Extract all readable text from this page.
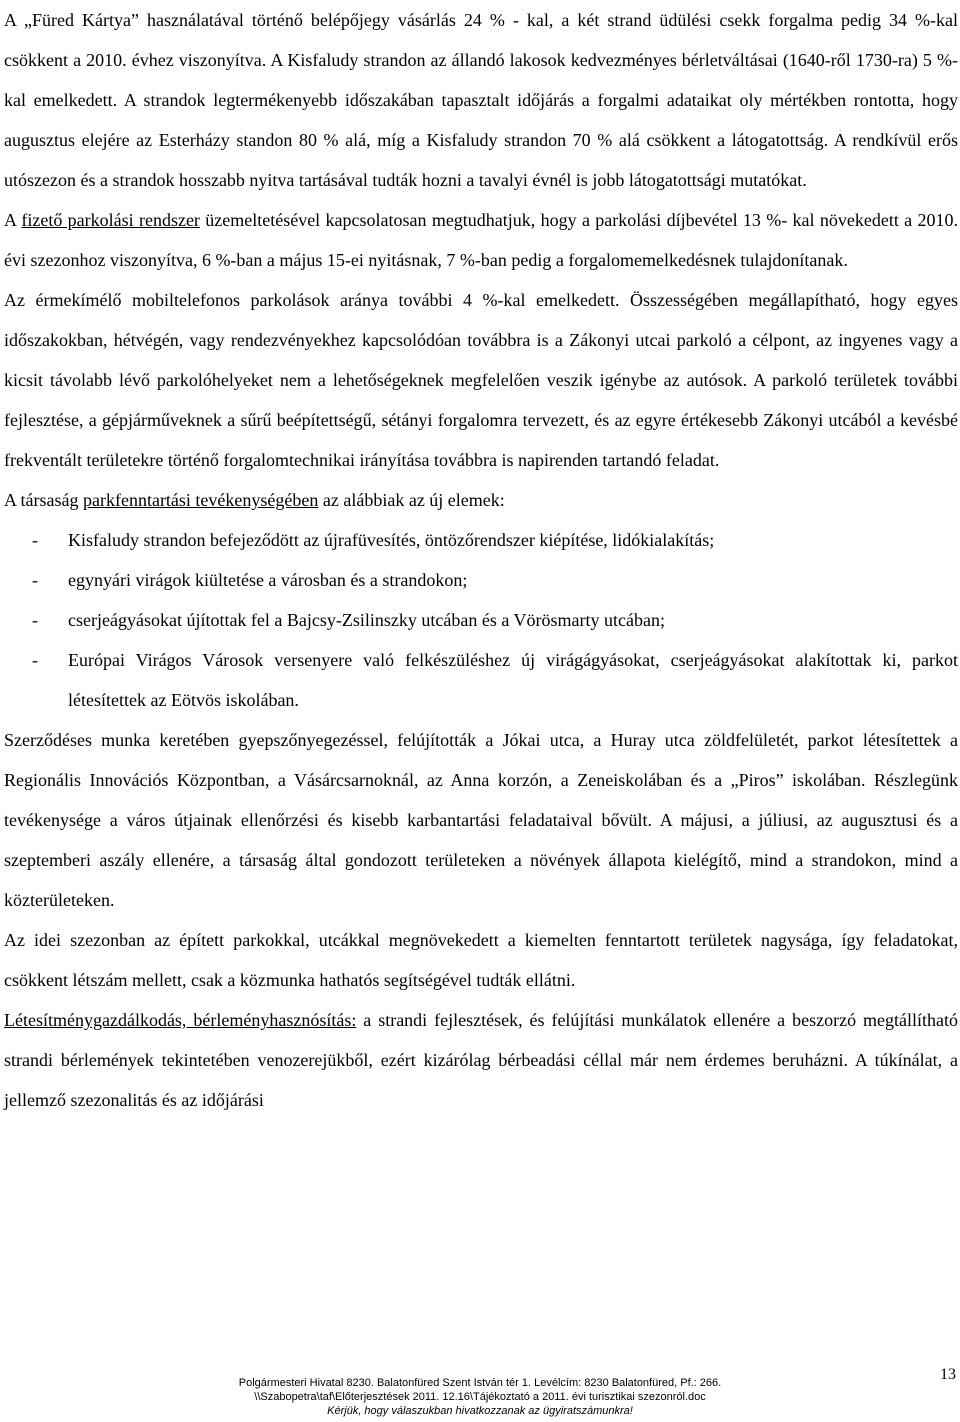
A „Füred Kártya” használatával történő belépőjegy vásárlás 24 % - kal, a két strand üdülési csekk forgalma pedig 34 %-kal csökkent a 2010. évhez viszonyítva. A Kisfaludy strandon az állandó lakosok kedvezményes bérletváltásai (1640-ről 1730-ra) 5 %-kal emelkedett. A strandok legtermékenyebb időszakában tapasztalt időjárás a forgalmi adataikat oly mértékben rontotta, hogy augusztus elejére az Esterházy standon 80 % alá, míg a Kisfaludy strandon 70 % alá csökkent a látogatottság. A rendkívül erős utószezon és a strandok hosszabb nyitva tartásával tudták hozni a tavalyi évnél is jobb látogatottsági mutatókat.

A fizető parkolási rendszer üzemeltetésével kapcsolatosan megtudhatjuk, hogy a parkolási díjbevétel 13 %- kal növekedett a 2010. évi szezonhoz viszonyítva, 6 %-ban a május 15-ei nyitásnak, 7 %-ban pedig a forgalomemelkedésnek tulajdonítanak.

Az érmekímélő mobiltelefonos parkolások aránya további 4 %-kal emelkedett. Összességében megállapítható, hogy egyes időszakokban, hétvégén, vagy rendezvényekhez kapcsolódóan továbbra is a Zákonyi utcai parkoló a célpont, az ingyenes vagy a kicsit távolabb lévő parkolóhelyeket nem a lehetőségeknek megfelelően veszik igénybe az autósok. A parkoló területek további fejlesztése, a gépjárműveknek a sűrű beépítettségű, sétányi forgalomra tervezett, és az egyre értékesebb Zákonyi utcából a kevésbé frekventált területekre történő forgalomtechnikai irányítása továbbra is napirenden tartandó feladat.

A társaság parkfenntartási tevékenységében az alábbiak az új elemek:

- Kisfaludy strandon befejeződött az újrafüvesítés, öntözőrendszer kiépítése, lidókialakítás;
- egynyári virágok kiültetése a városban és a strandokon;
- cserjeágyásokat újítottak fel a Bajcsy-Zsilinszky utcában és a Vörösmarty utcában;
- Európai Virágos Városok versenyere való felkészüléshez új virágágyásokat, cserjeágyásokat alakítottak ki, parkot létesítettek az Eötvös iskolában.

Szerződéses munka keretében gyepszőnyegezéssel, felújították a Jókai utca, a Huray utca zöldfelületét, parkot létesítettek a Regionális Innovációs Központban, a Vásárcsarnoknál, az Anna korzón, a Zeneiskolában és a „Piros” iskolában. Részlegünk tevékenysége a város útjainak ellenőrzési és kisebb karbantartási feladataival bővült. A májusi, a júliusi, az augusztusi és a szeptemberi aszály ellenére, a társaság által gondozott területeken a növények állapota kielégítő, mind a strandokon, mind a közterületeken.

Az idei szezonban az épített parkokkal, utcákkal megnövekedett a kiemelten fenntartott területek nagysága, így feladatokat, csökkent létszám mellett, csak a közmunka hathatós segítségével tudták ellátni.

Létesítménygazdálkodás, bérleményhasznósítás: a strandi fejlesztések, és felújítási munkálatok ellenére a beszorzó megtállítható strandi bérlemények tekintetében venozerejükből, ezért kizárólag bérbeadási céllal már nem érdemes beruházni. A túkínálat, a jellemző szezonalitás és az időjárási

13
Polgármesteri Hivatal 8230. Balatonfüred Szent István tér 1. Levélcím: 8230 Balatonfüred, Pf.: 266.
\\Szabopetra\taf\Előterjesztések 2011. 12.16\Tájékoztató a 2011. évi turisztikai szezonról.doc
Kérjük, hogy válaszukban hivatkozzanak az ügyiratszámunkra!
